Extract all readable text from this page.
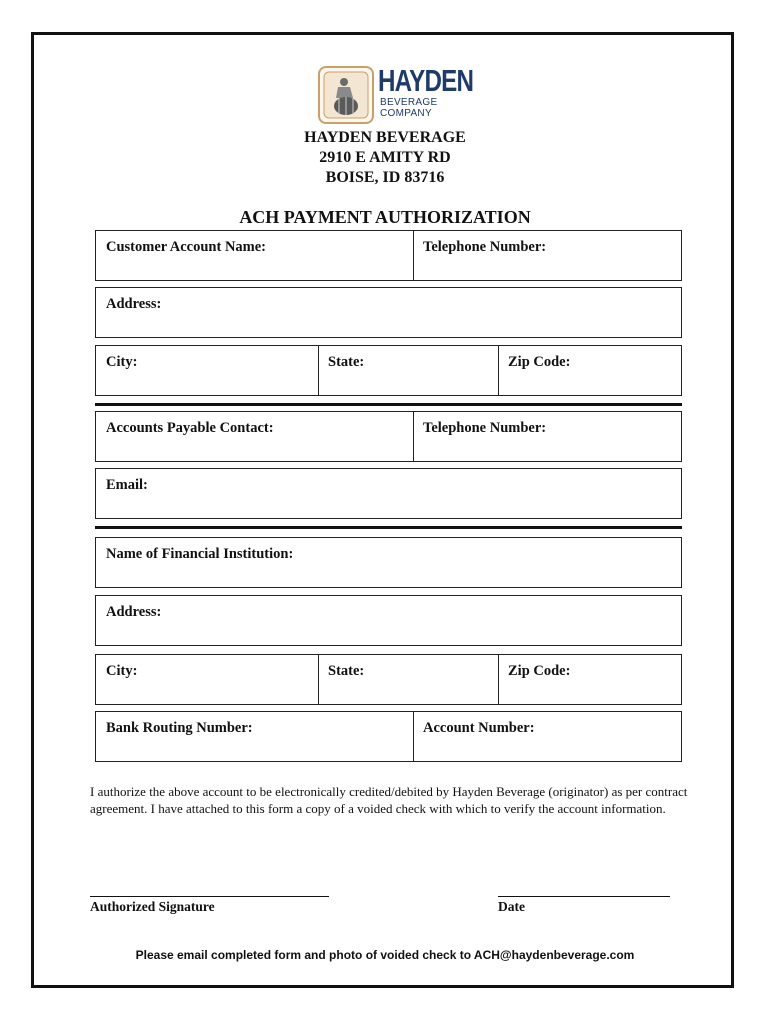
HAYDEN
BEVERAGE
COMPANY
HAYDEN BEVERAGE
2910 E AMITY RD
BOISE, ID 83716
ACH PAYMENT AUTHORIZATION
Customer Account Name:	Telephone Number:
Address:
City:	State:	Zip Code:
Accounts Payable Contact:	Telephone Number:
Email:
Name of Financial Institution:
Address:
City:	State:	Zip Code:
Bank Routing Number:	Account Number:
I authorize the above account to be electronically credited/debited by Hayden Beverage (originator) as per contract agreement. I have attached to this form a copy of a voided check with which to verify the account information.
Authorized Signature	Date
Please email completed form and photo of voided check to ACH@haydenbeverage.com
